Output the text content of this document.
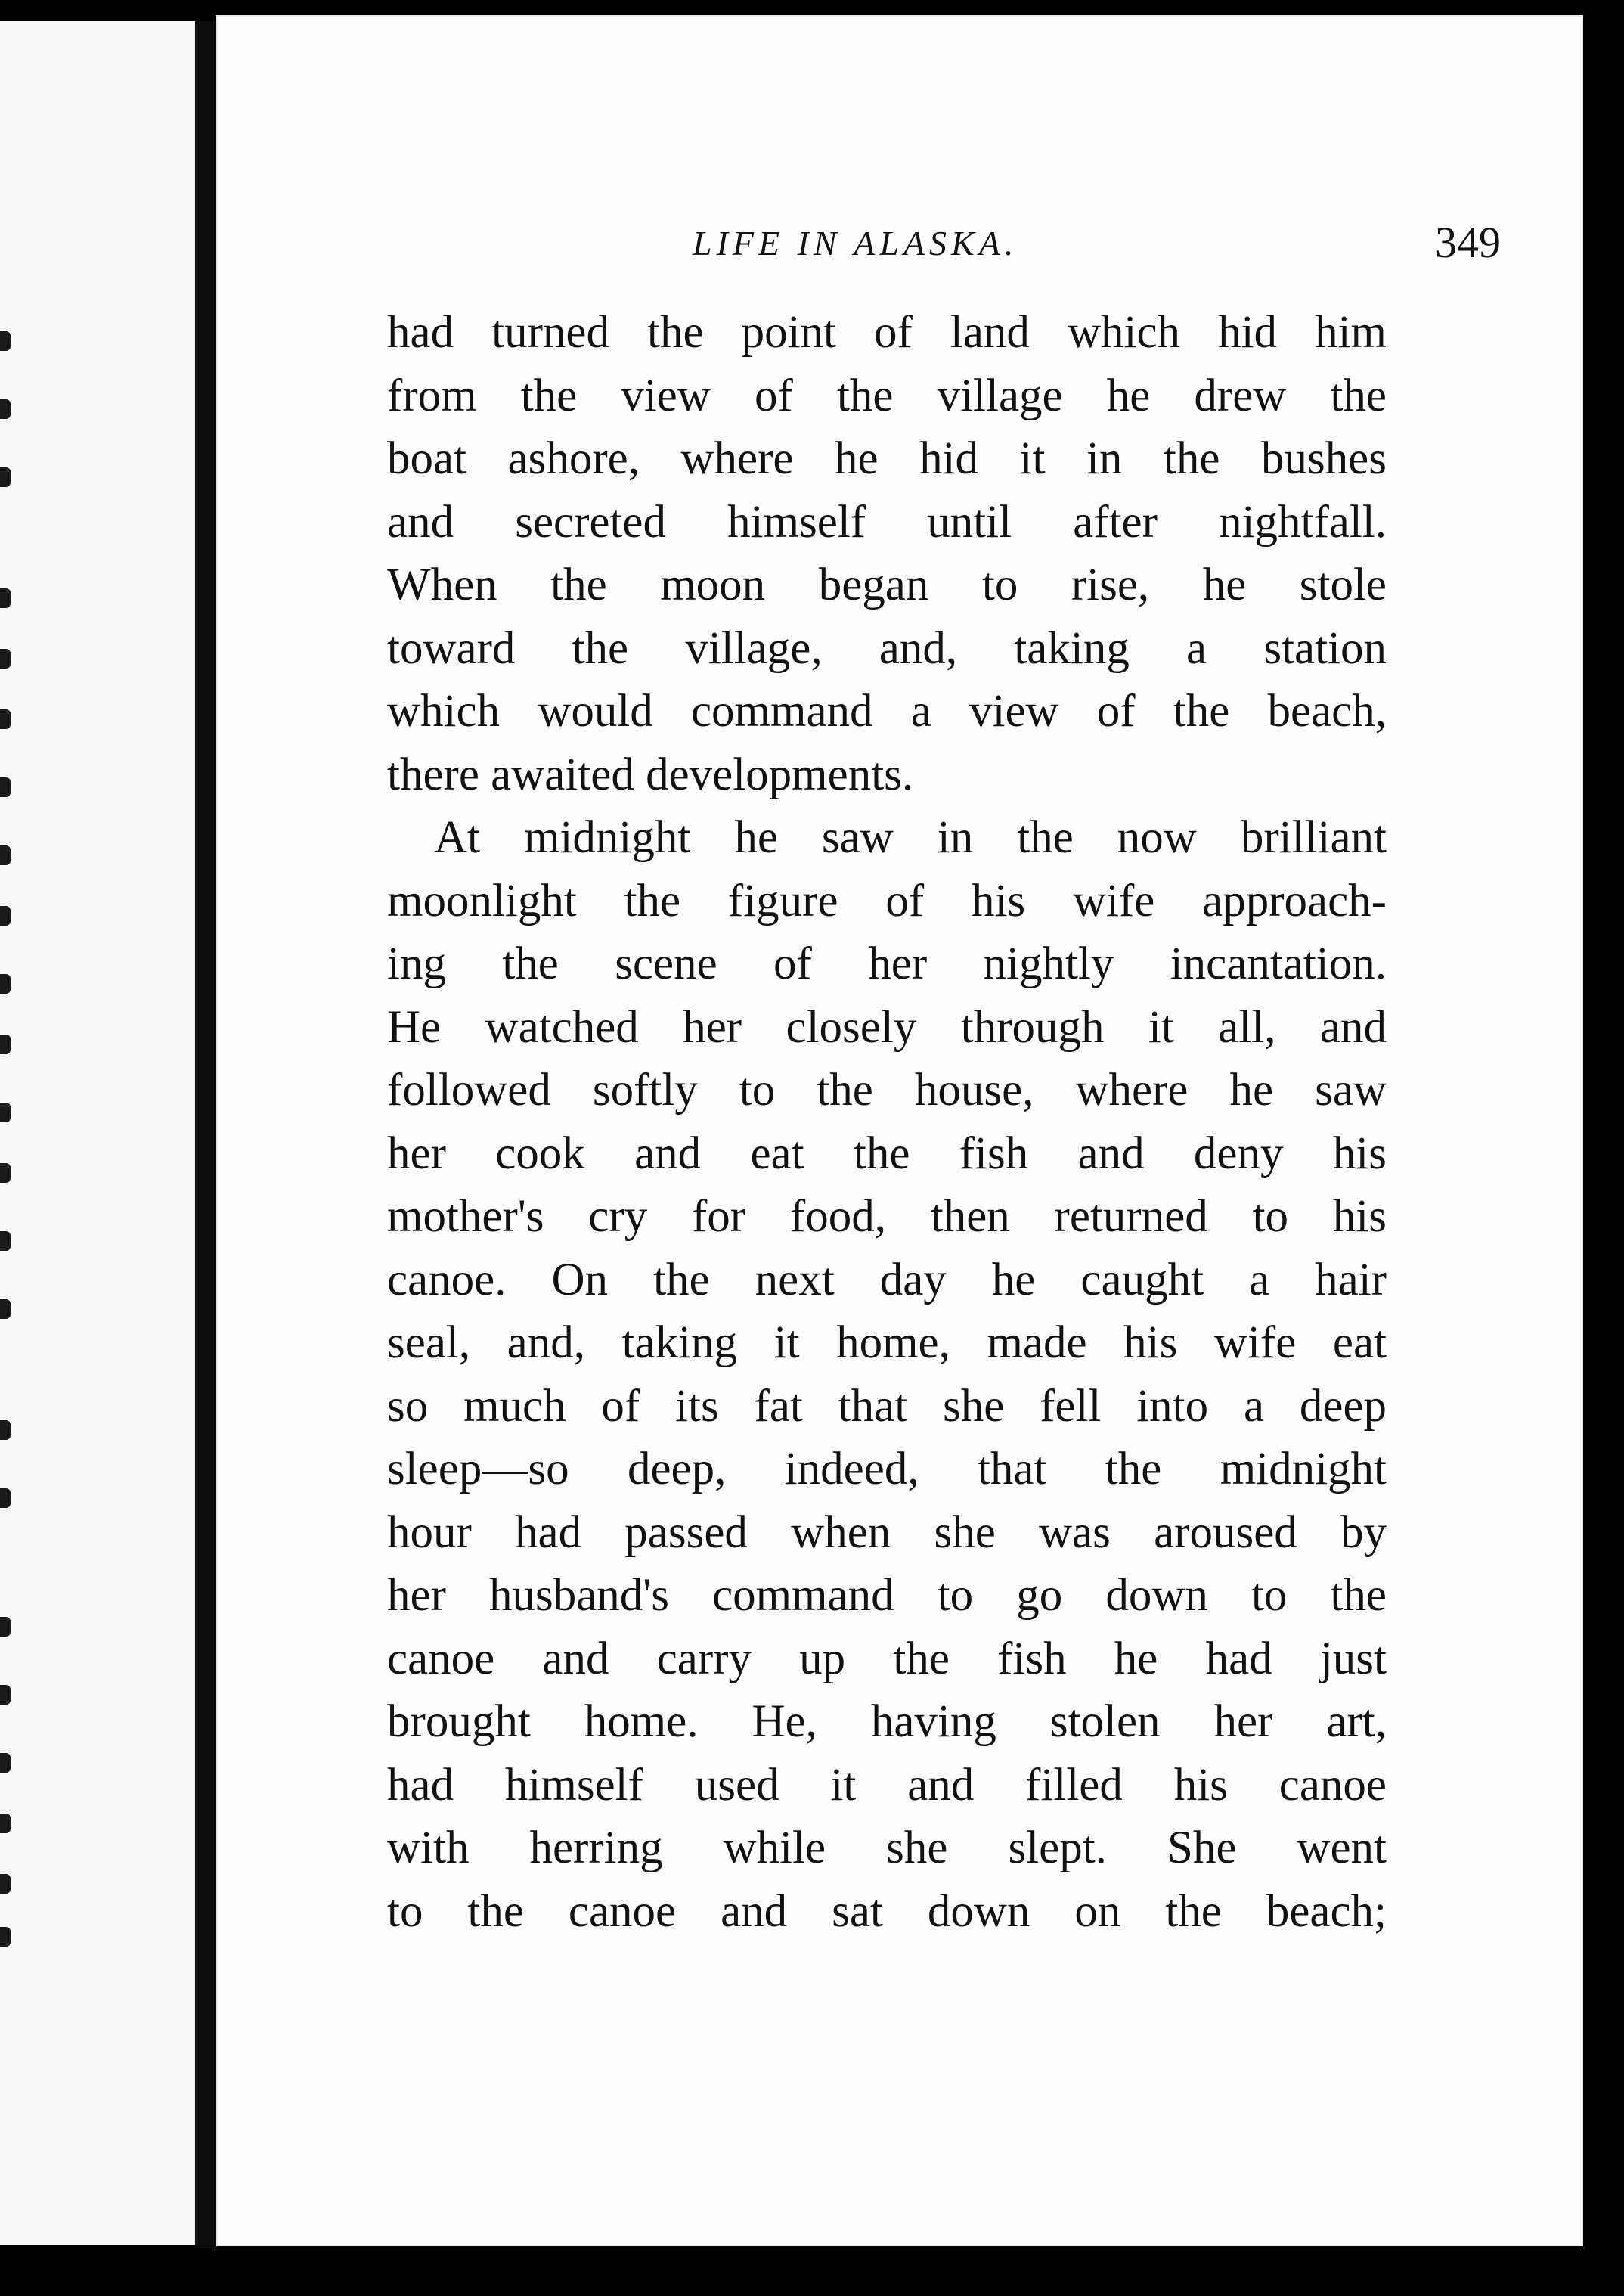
LIFE IN ALASKA.	349
had turned the point of land which hid him
from the view of the village he drew the
boat ashore, where he hid it in the bushes
and secreted himself until after nightfall.
When the moon began to rise, he stole
toward the village, and, taking a station
which would command a view of the beach,
there awaited developments.
At midnight he saw in the now brilliant
moonlight the figure of his wife approach-
ing the scene of her nightly incantation.
He watched her closely through it all, and
followed softly to the house, where he saw
her cook and eat the fish and deny his
mother's cry for food, then returned to his
canoe. On the next day he caught a hair
seal, and, taking it home, made his wife eat
so much of its fat that she fell into a deep
sleep—so deep, indeed, that the midnight
hour had passed when she was aroused by
her husband's command to go down to the
canoe and carry up the fish he had just
brought home. He, having stolen her art,
had himself used it and filled his canoe
with herring while she slept. She went
to the canoe and sat down on the beach;
